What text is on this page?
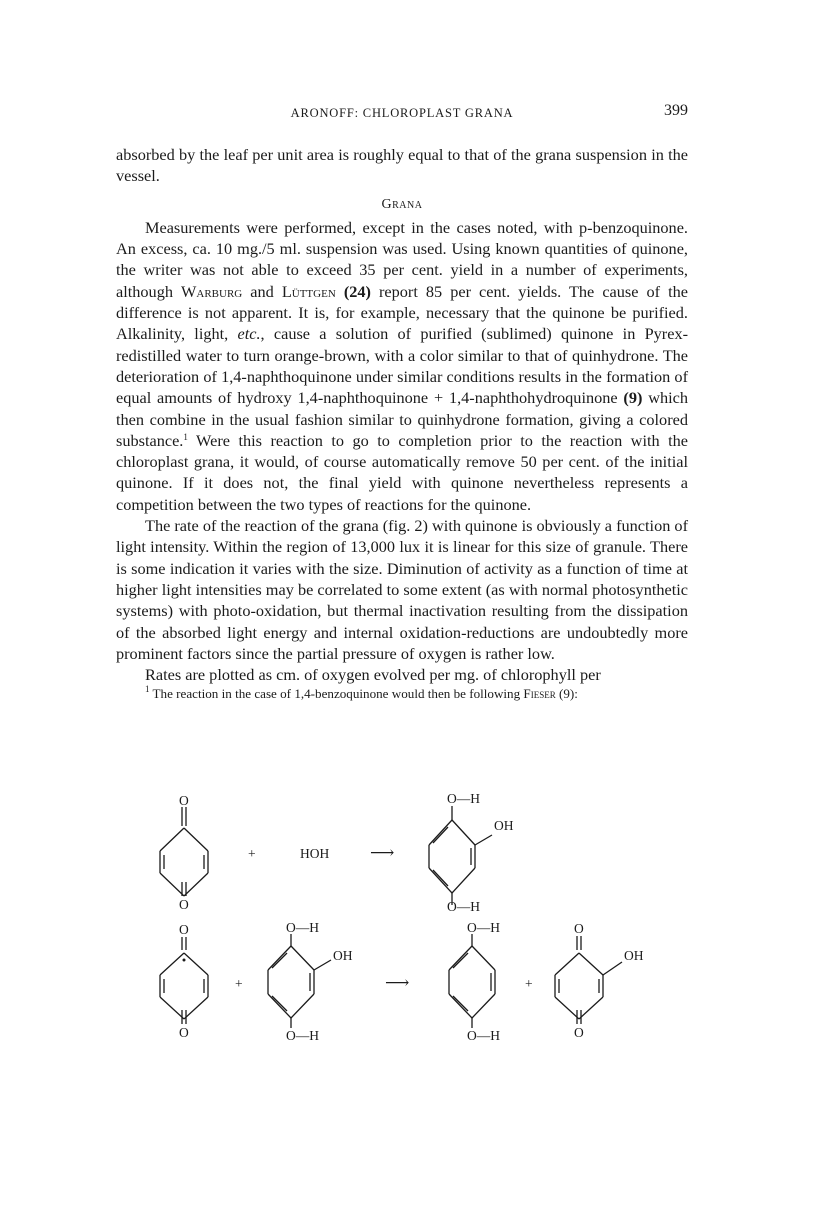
ARONOFF: CHLOROPLAST GRANA	399

absorbed by the leaf per unit area is roughly equal to that of the grana suspension in the vessel.

Grana

Measurements were performed, except in the cases noted, with p-benzoquinone. An excess, ca. 10 mg./5 ml. suspension was used. Using known quantities of quinone, the writer was not able to exceed 35 per cent. yield in a number of experiments, although Warburg and Lüttgen (24) report 85 per cent. yields. The cause of the difference is not apparent. It is, for example, necessary that the quinone be purified. Alkalinity, light, etc., cause a solution of purified (sublimed) quinone in Pyrex-redistilled water to turn orange-brown, with a color similar to that of quinhydrone. The deterioration of 1,4-naphthoquinone under similar conditions results in the formation of equal amounts of hydroxy 1,4-naphthoquinone + 1,4-naphthohydroquinone (9) which then combine in the usual fashion similar to quinhydrone formation, giving a colored substance.$^1$ Were this reaction to go to completion prior to the reaction with the chloroplast grana, it would, of course automatically remove 50 per cent. of the initial quinone. If it does not, the final yield with quinone nevertheless represents a competition between the two types of reactions for the quinone.

The rate of the reaction of the grana (fig. 2) with quinone is obviously a function of light intensity. Within the region of 13,000 lux it is linear for this size of granule. There is some indication it varies with the size. Diminution of activity as a function of time at higher light intensities may be correlated to some extent (as with normal photosynthetic systems) with photo-oxidation, but thermal inactivation resulting from the dissipation of the absorbed light energy and internal oxidation-reductions are undoubtedly more prominent factors since the partial pressure of oxygen is rather low.

Rates are plotted as cm. of oxygen evolved per mg. of chlorophyll per

$^1$ The reaction in the case of 1,4-benzoquinone would then be following Fieser (9):

O
O
+	HOH ⟶
O—H
OH
O—H
O
O
+
O—H
OH
O—H
⟶
O—H
O—H
+
O
OH
O
